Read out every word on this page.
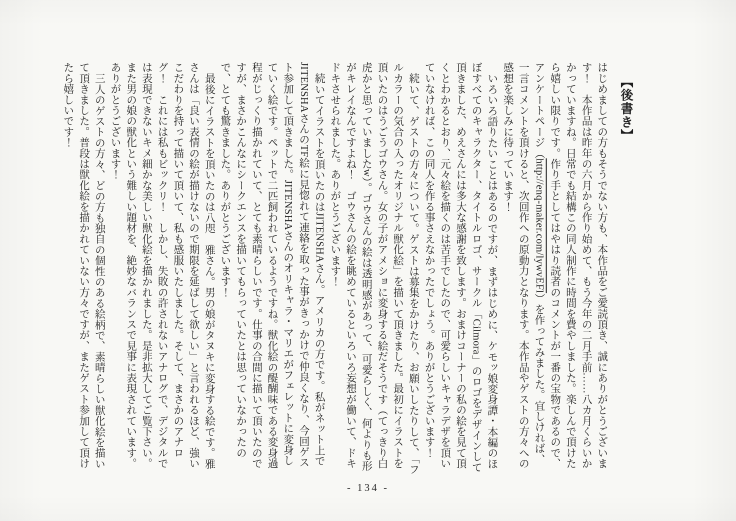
【後書き】

はじめましての方もそうでない方も、本作品をご愛読頂き、誠にありがとうございます！　本作品は昨年の六月から作り始めて、もう今年の二月手前……八カ月くらいかかっていますね。日常でも結構この同人制作に時間を費やしました。楽しんで頂けたら嬉しい限りです。作り手としてはやはり読者のコメントが一番の宝物であるので、アンケートページ（http://enq-maker.com/lywvEFl）を作ってみました。宜しければ、一言コメントを頂けると、次回作への原動力となります。本作品やゲストの方々への感想を楽しみに待っています！

いろいろ語りたいことはあるのですが、まずはじめに、ケモッ娘変身譚・本編のほぼすべてのキャラクター、タイトルロゴ、サークル「Cilmora」のロゴをデザインして頂きました、めえさんには多大な感謝を致します。おまけコーナーの私の絵を見て頂くとわかるとおり、元々絵を描くのは苦手でしたので、可愛らしいキャラデザを頂いていなければ、この同人を作る事さえなかったでしょう。ありがとうございます！

続いて、ゲストの方々について。ゲストは募集をかけたり、お願いしたりして、「フルカラーの気合の入ったオリジナル獣化絵」を描いて頂きました。最初にイラストを頂いたのはうごうゴウさん。女の子がアメショに変身する絵だそうです（てっきり白虎かと思っていましたw）。ゴウさんの絵は透明感があって、可愛らしく、何よりも形がキレイなんですよね！　ゴウさんの絵を眺めているといろいろ妄想が働いて、ドキドキさせられました。ありがとうございます！

続いてイラストを頂いたのはJITENSHAさん。アメリカの方です。私がネット上でJITENSHAさんのTF絵に見惚れて連絡を取った事がきっかけで仲良くなり、今回ゲスト参加して頂きました。JITENSHAさんのオリキャラ・マリエがフェレットに変身していく絵です。ペットで二匹飼われているようですね。獣化絵の醍醐味である変身過程がじっくり描かれていて、とても素晴らしいです。仕事の合間に描いて頂いたのですが、まさかこんなにシークエンスを描いてもらっていたとは思っていなかったので、とても驚きました。ありがとうございます！

最後にイラストを頂いたのは八咫　雅さん。男の娘がタヌキに変身する絵です。雅さんは「良い表情の絵が描けないので期限を延ばして欲しい」と言われるほど、強いこだわりを持って描いて頂いて、私も感服いたしました。そして、まさかのアナログ！　これには私もビックリ！　しかし、失敗の許されないアナログで、デジタルでは表現できないキメ細かな美しい獣化絵を描かれました。是非拡大してご覧下さい。また男の娘の獣化という難しい題材を、絶妙なバランスで見事に表現されています。ありがとうございます！

三人のゲストの方々、どの方も独自の個性のある絵柄で、素晴らしい獣化絵を描いて頂きました。普段は獣化絵を描かれていない方々ですが、またゲスト参加して頂けたら嬉しいです！

- 134 -
